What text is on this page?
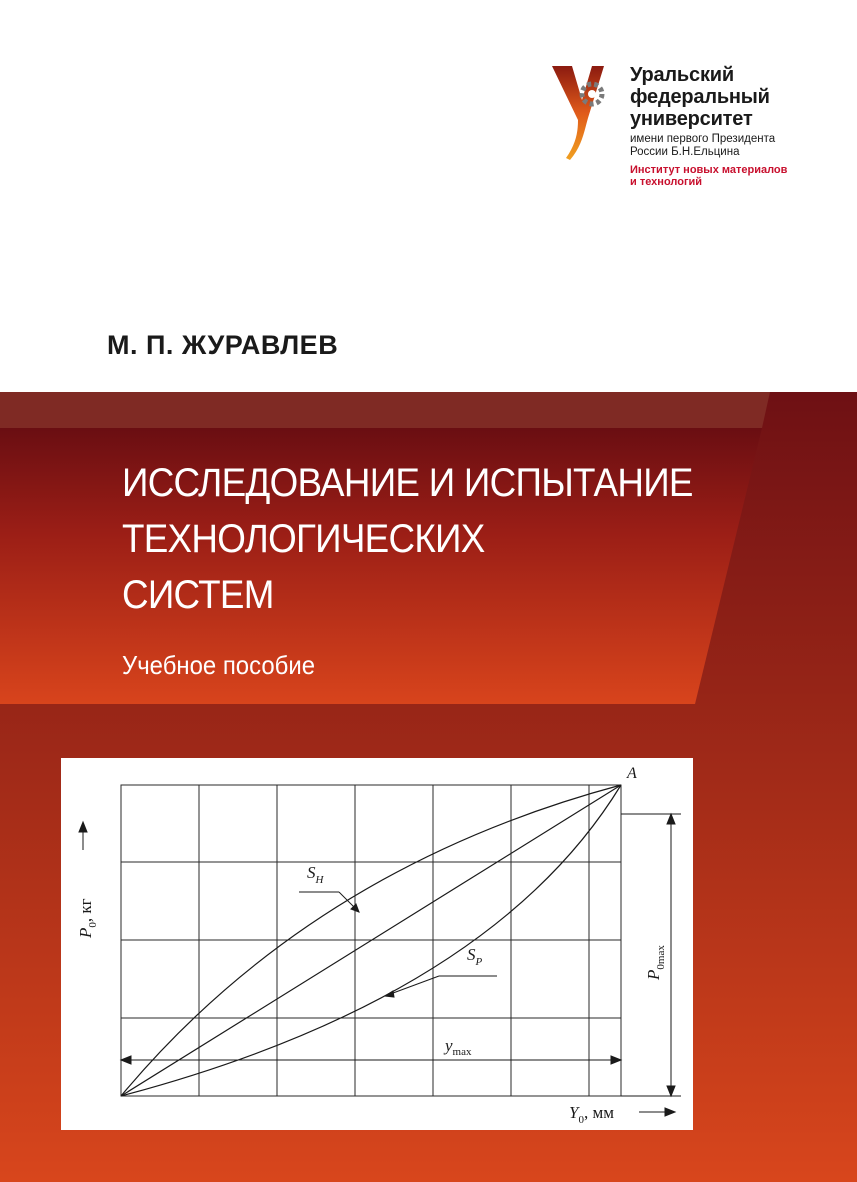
Уральский
федеральный
университет
имени первого Президента
России Б.Н.Ельцина
Институт новых материалов
и технологий
М. П. ЖУРАВЛЕВ
ИССЛЕДОВАНИЕ И ИСПЫТАНИЕ
ТЕХНОЛОГИЧЕСКИХ
СИСТЕМ
Учебное пособие
A
$S_H$
$S_P$
$y_{max}$
$Y_0$, мм
$P_0$, кг
$P_{0max}$
